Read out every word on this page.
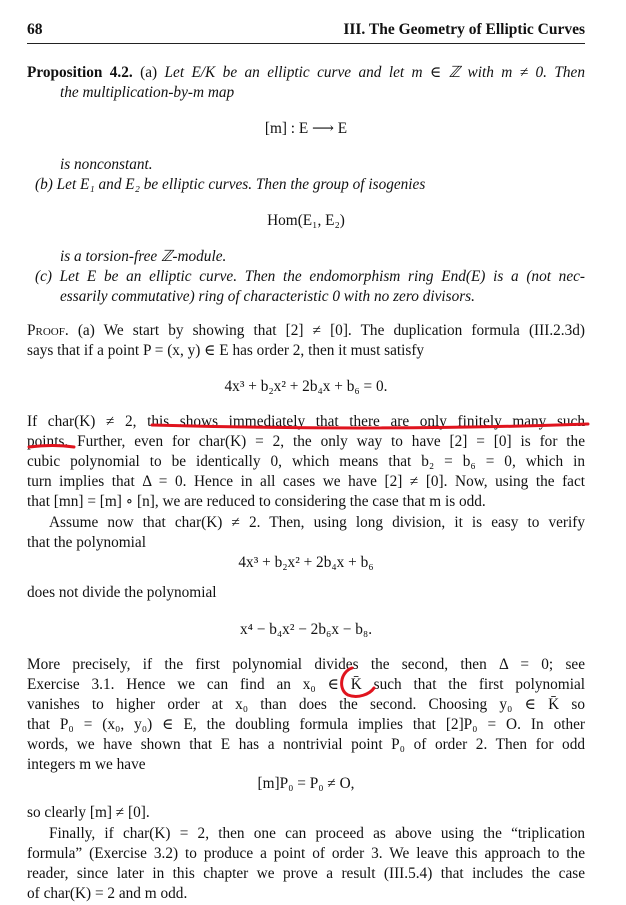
68	III. The Geometry of Elliptic Curves
Proposition 4.2. (a) Let E/K be an elliptic curve and let m ∈ ℤ with m ≠ 0. Then
the multiplication-by-m map
[m] : E ⟶ E
is nonconstant.
(b) Let E₁ and E₂ be elliptic curves. Then the group of isogenies
Hom(E₁, E₂)
is a torsion-free ℤ-module.
(c) Let E be an elliptic curve. Then the endomorphism ring End(E) is a (not nec-
essarily commutative) ring of characteristic 0 with no zero divisors.
Proof. (a) We start by showing that [2] ≠ [0]. The duplication formula (III.2.3d)
says that if a point P = (x, y) ∈ E has order 2, then it must satisfy
4x³ + b₂x² + 2b₄x + b₆ = 0.
If char(K) ≠ 2, this shows immediately that there are only finitely many such
points. Further, even for char(K) = 2, the only way to have [2] = [0] is for the
cubic polynomial to be identically 0, which means that b₂ = b₆ = 0, which in
turn implies that Δ = 0. Hence in all cases we have [2] ≠ [0]. Now, using the fact
that [mn] = [m] ∘ [n], we are reduced to considering the case that m is odd.
Assume now that char(K) ≠ 2. Then, using long division, it is easy to verify
that the polynomial
4x³ + b₂x² + 2b₄x + b₆
does not divide the polynomial
x⁴ − b₄x² − 2b₆x − b₈.
More precisely, if the first polynomial divides the second, then Δ = 0; see
Exercise 3.1. Hence we can find an x₀ ∈ K̄ such that the first polynomial
vanishes to higher order at x₀ than does the second. Choosing y₀ ∈ K̄ so
that P₀ = (x₀, y₀) ∈ E, the doubling formula implies that [2]P₀ = O. In other
words, we have shown that E has a nontrivial point P₀ of order 2. Then for odd
integers m we have
[m]P₀ = P₀ ≠ O,
so clearly [m] ≠ [0].
Finally, if char(K) = 2, then one can proceed as above using the “triplication
formula” (Exercise 3.2) to produce a point of order 3. We leave this approach to the
reader, since later in this chapter we prove a result (III.5.4) that includes the case
of char(K) = 2 and m odd.
